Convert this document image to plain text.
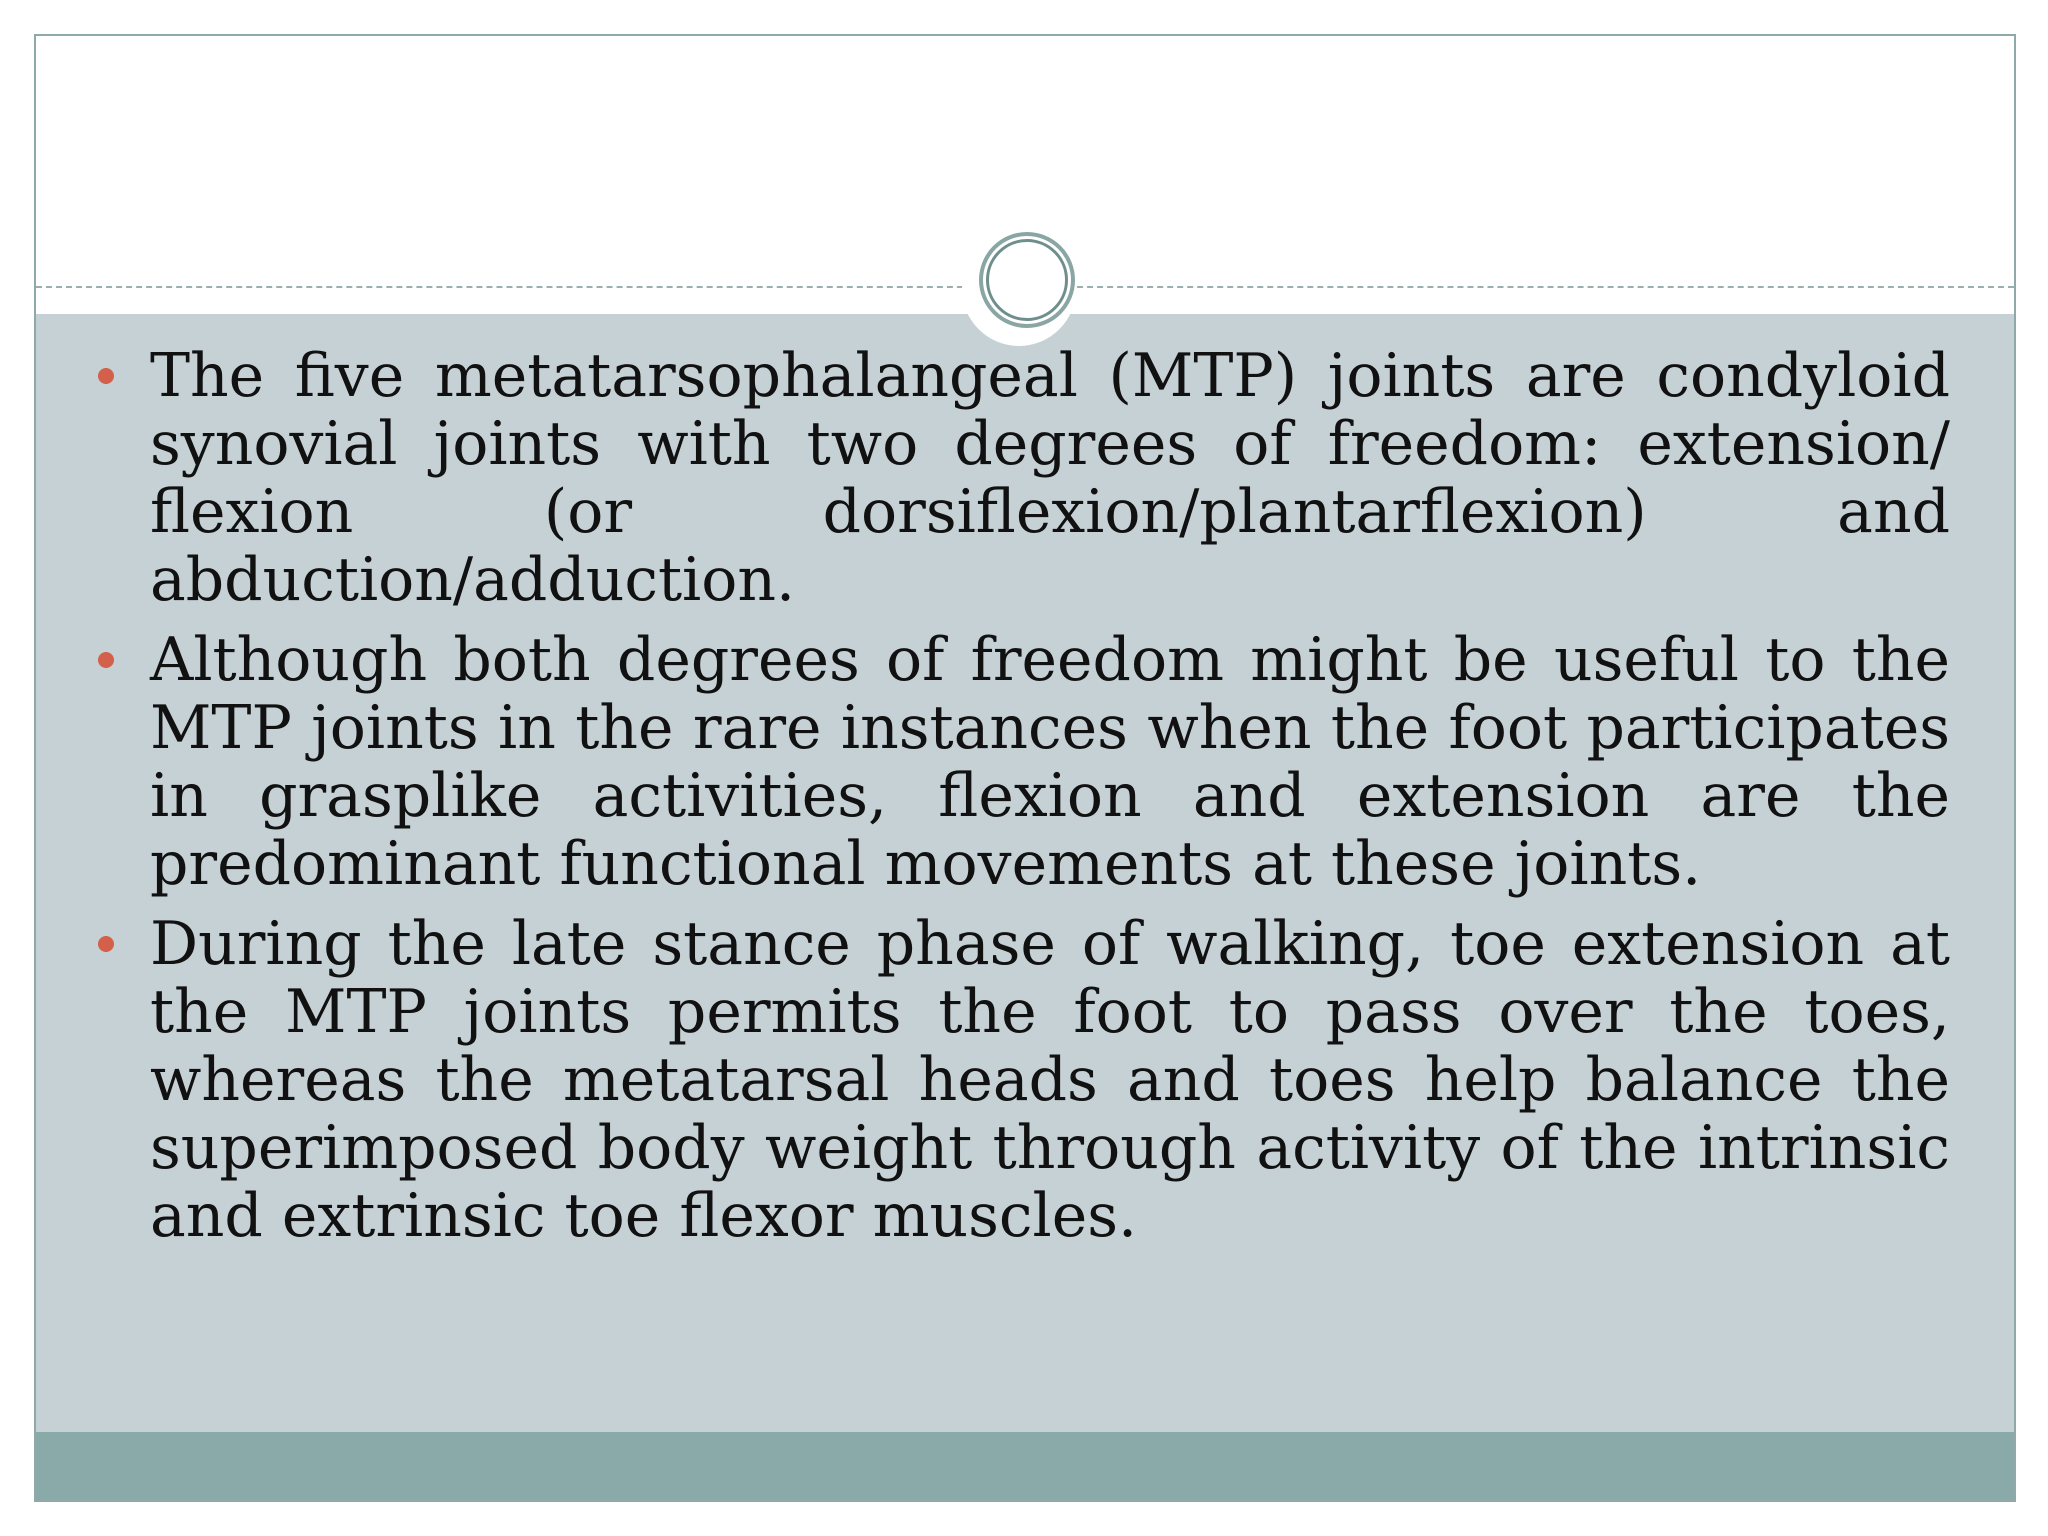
The five metatarsophalangeal (MTP) joints are condyloid synovial joints with two degrees of freedom: extension/ flexion (or dorsiflexion/plantarflexion) and abduction/adduction.
Although both degrees of freedom might be useful to the MTP joints in the rare instances when the foot participates in grasplike activities, flexion and extension are the predominant functional movements at these joints.
During the late stance phase of walking, toe extension at the MTP joints permits the foot to pass over the toes, whereas the metatarsal heads and toes help balance the superimposed body weight through activity of the intrinsic and extrinsic toe flexor muscles.
